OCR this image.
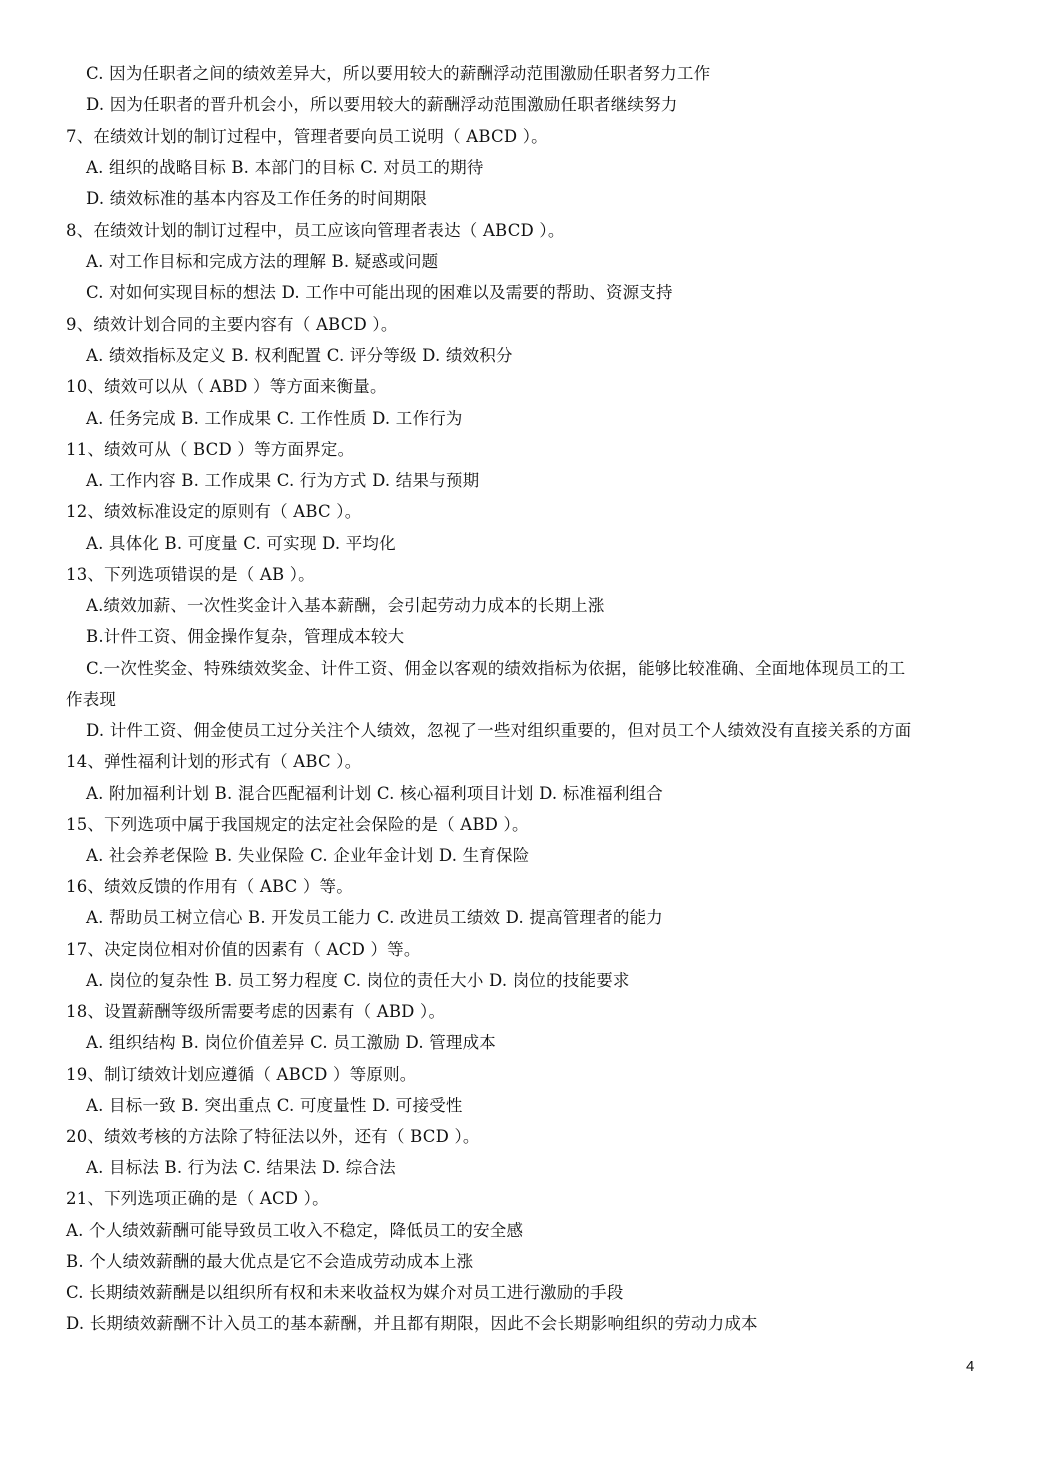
C. 因为任职者之间的绩效差异大，所以要用较大的薪酬浮动范围激励任职者努力工作
D. 因为任职者的晋升机会小，所以要用较大的薪酬浮动范围激励任职者继续努力
7、在绩效计划的制订过程中，管理者要向员工说明（ ABCD ）。
A. 组织的战略目标 B. 本部门的目标 C. 对员工的期待
D. 绩效标准的基本内容及工作任务的时间期限
8、在绩效计划的制订过程中，员工应该向管理者表达（ ABCD ）。
A. 对工作目标和完成方法的理解 B. 疑惑或问题
C. 对如何实现目标的想法 D. 工作中可能出现的困难以及需要的帮助、资源支持
9、绩效计划合同的主要内容有（ ABCD ）。
A. 绩效指标及定义 B. 权利配置 C. 评分等级 D. 绩效积分
10、绩效可以从（ ABD ）等方面来衡量。
A. 任务完成 B. 工作成果 C. 工作性质 D. 工作行为
11、绩效可从（ BCD ）等方面界定。
A. 工作内容 B. 工作成果 C. 行为方式 D. 结果与预期
12、绩效标准设定的原则有（ ABC ）。
A. 具体化 B. 可度量 C. 可实现 D. 平均化
13、下列选项错误的是（ AB ）。
A.绩效加薪、一次性奖金计入基本薪酬，会引起劳动力成本的长期上涨
B.计件工资、佣金操作复杂，管理成本较大
C.一次性奖金、特殊绩效奖金、计件工资、佣金以客观的绩效指标为依据，能够比较准确、全面地体现员工的工
作表现
D. 计件工资、佣金使员工过分关注个人绩效，忽视了一些对组织重要的，但对员工个人绩效没有直接关系的方面
14、弹性福利计划的形式有（ ABC ）。
A. 附加福利计划 B. 混合匹配福利计划 C. 核心福利项目计划 D. 标准福利组合
15、下列选项中属于我国规定的法定社会保险的是（ ABD ）。
A. 社会养老保险 B. 失业保险 C. 企业年金计划 D. 生育保险
16、绩效反馈的作用有（ ABC ）等。
A. 帮助员工树立信心 B. 开发员工能力 C. 改进员工绩效 D. 提高管理者的能力
17、决定岗位相对价值的因素有（ ACD ）等。
A. 岗位的复杂性 B. 员工努力程度 C. 岗位的责任大小 D. 岗位的技能要求
18、设置薪酬等级所需要考虑的因素有（ ABD ）。
A. 组织结构 B. 岗位价值差异 C. 员工激励 D. 管理成本
19、制订绩效计划应遵循（ ABCD ）等原则。
A. 目标一致 B. 突出重点 C. 可度量性 D. 可接受性
20、绩效考核的方法除了特征法以外，还有（ BCD ）。
A. 目标法 B. 行为法 C. 结果法 D. 综合法
21、下列选项正确的是（ ACD ）。
A. 个人绩效薪酬可能导致员工收入不稳定，降低员工的安全感
B. 个人绩效薪酬的最大优点是它不会造成劳动成本上涨
C. 长期绩效薪酬是以组织所有权和未来收益权为媒介对员工进行激励的手段
D. 长期绩效薪酬不计入员工的基本薪酬，并且都有期限，因此不会长期影响组织的劳动力成本
4
